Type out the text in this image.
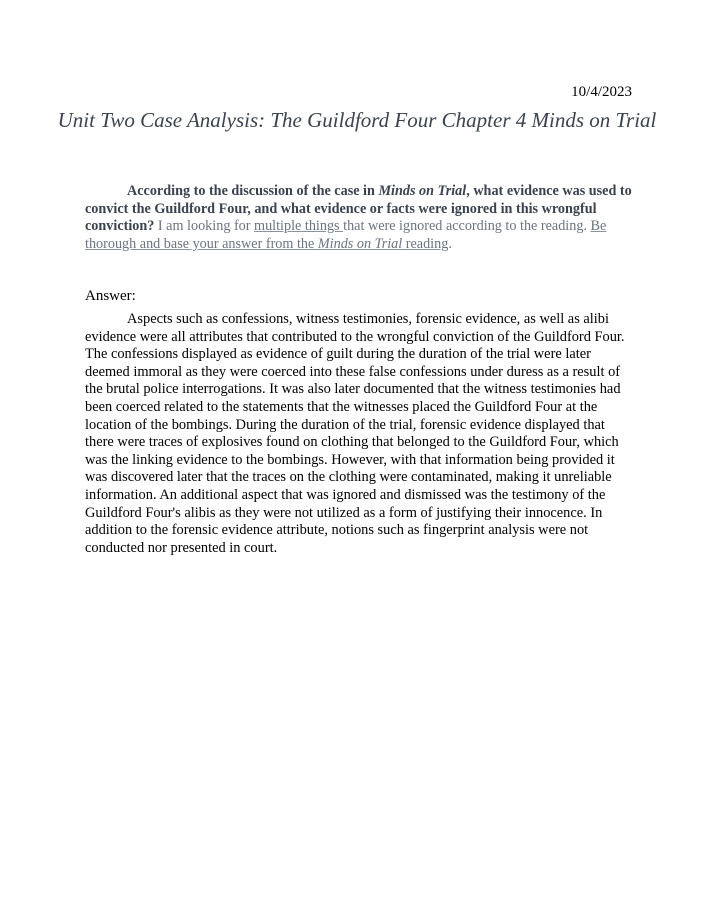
10/4/2023
Unit Two Case Analysis: The Guildford Four Chapter 4 Minds on Trial

According to the discussion of the case in Minds on Trial, what evidence was used to convict the Guildford Four, and what evidence or facts were ignored in this wrongful conviction? I am looking for multiple things that were ignored according to the reading. Be thorough and base your answer from the Minds on Trial reading.

Answer:

Aspects such as confessions, witness testimonies, forensic evidence, as well as alibi evidence were all attributes that contributed to the wrongful conviction of the Guildford Four. The confessions displayed as evidence of guilt during the duration of the trial were later deemed immoral as they were coerced into these false confessions under duress as a result of the brutal police interrogations. It was also later documented that the witness testimonies had been coerced related to the statements that the witnesses placed the Guildford Four at the location of the bombings. During the duration of the trial, forensic evidence displayed that there were traces of explosives found on clothing that belonged to the Guildford Four, which was the linking evidence to the bombings. However, with that information being provided it was discovered later that the traces on the clothing were contaminated, making it unreliable information. An additional aspect that was ignored and dismissed was the testimony of the Guildford Four's alibis as they were not utilized as a form of justifying their innocence. In addition to the forensic evidence attribute, notions such as fingerprint analysis were not conducted nor presented in court.
